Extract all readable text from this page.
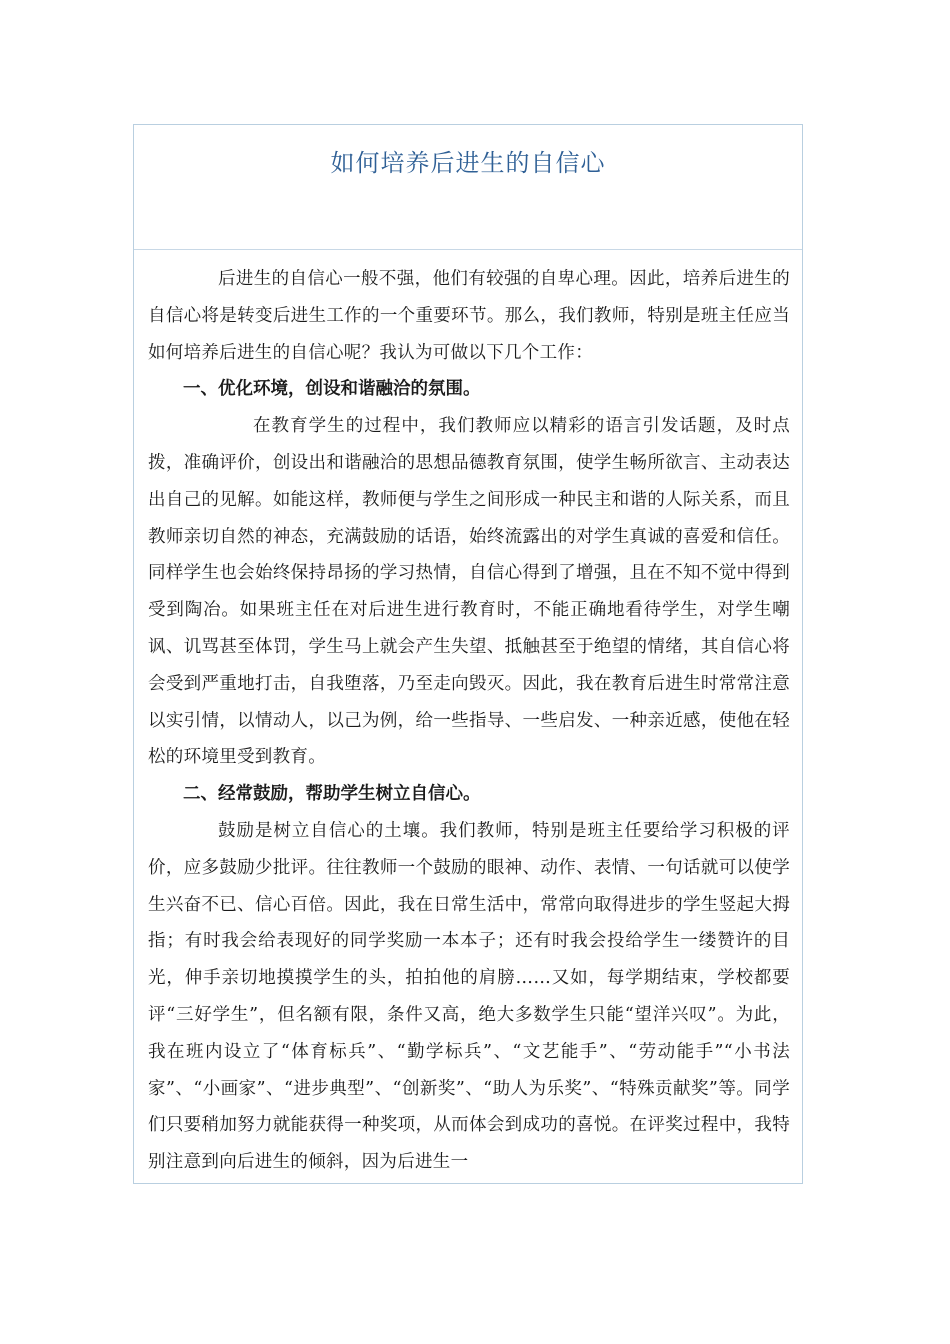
如何培养后进生的自信心

后进生的自信心一般不强，他们有较强的自卑心理。因此，培养后进生的自信心将是转变后进生工作的一个重要环节。那么，我们教师，特别是班主任应当如何培养后进生的自信心呢？我认为可做以下几个工作：

一、优化环境，创设和谐融洽的氛围。

在教育学生的过程中，我们教师应以精彩的语言引发话题，及时点拨，准确评价，创设出和谐融洽的思想品德教育氛围，使学生畅所欲言、主动表达出自己的见解。如能这样，教师便与学生之间形成一种民主和谐的人际关系，而且教师亲切自然的神态，充满鼓励的话语，始终流露出的对学生真诚的喜爱和信任。同样学生也会始终保持昂扬的学习热情，自信心得到了增强，且在不知不觉中得到受到陶冶。如果班主任在对后进生进行教育时，不能正确地看待学生，对学生嘲讽、讥骂甚至体罚，学生马上就会产生失望、抵触甚至于绝望的情绪，其自信心将会受到严重地打击，自我堕落，乃至走向毁灭。因此，我在教育后进生时常常注意以实引情，以情动人，以己为例，给一些指导、一些启发、一种亲近感，使他在轻松的环境里受到教育。

二、经常鼓励，帮助学生树立自信心。

鼓励是树立自信心的土壤。我们教师，特别是班主任要给学习积极的评价，应多鼓励少批评。往往教师一个鼓励的眼神、动作、表情、一句话就可以使学生兴奋不已、信心百倍。因此，我在日常生活中，常常向取得进步的学生竖起大拇指；有时我会给表现好的同学奖励一本本子；还有时我会投给学生一缕赞许的目光，伸手亲切地摸摸学生的头，拍拍他的肩膀……又如，每学期结束，学校都要评“三好学生”，但名额有限，条件又高，绝大多数学生只能“望洋兴叹”。为此，我在班内设立了“体育标兵”、“勤学标兵”、“文艺能手”、“劳动能手”“小书法家”、“小画家”、“进步典型”、“创新奖”、“助人为乐奖”、“特殊贡献奖”等。同学们只要稍加努力就能获得一种奖项，从而体会到成功的喜悦。在评奖过程中，我特别注意到向后进生的倾斜，因为后进生一
